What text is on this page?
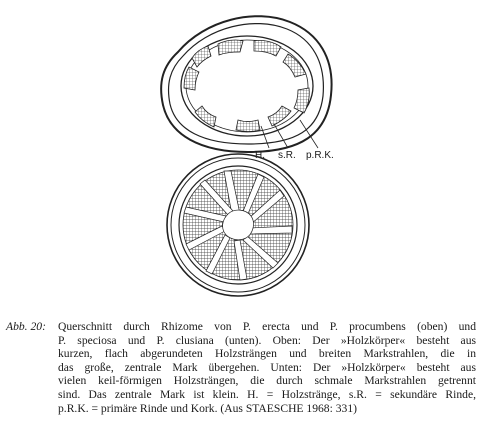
H. s.R. p.R.K.
Abb. 20:	Querschnitt durch Rhizome von P. erecta und P. procumbens (oben) und
P. speciosa und P. clusiana (unten). Oben: Der »Holzkörper« besteht aus
kurzen, flach abgerundeten Holzsträngen und breiten Markstrahlen, die in
das große, zentrale Mark übergehen. Unten: Der »Holzkörper« besteht aus
vielen keil-förmigen Holzsträngen, die durch schmale Markstrahlen getrennt
sind. Das zentrale Mark ist klein. H. = Holzstränge, s.R. = sekundäre Rinde,
p.R.K. = primäre Rinde und Kork. (Aus STAESCHE 1968: 331)
